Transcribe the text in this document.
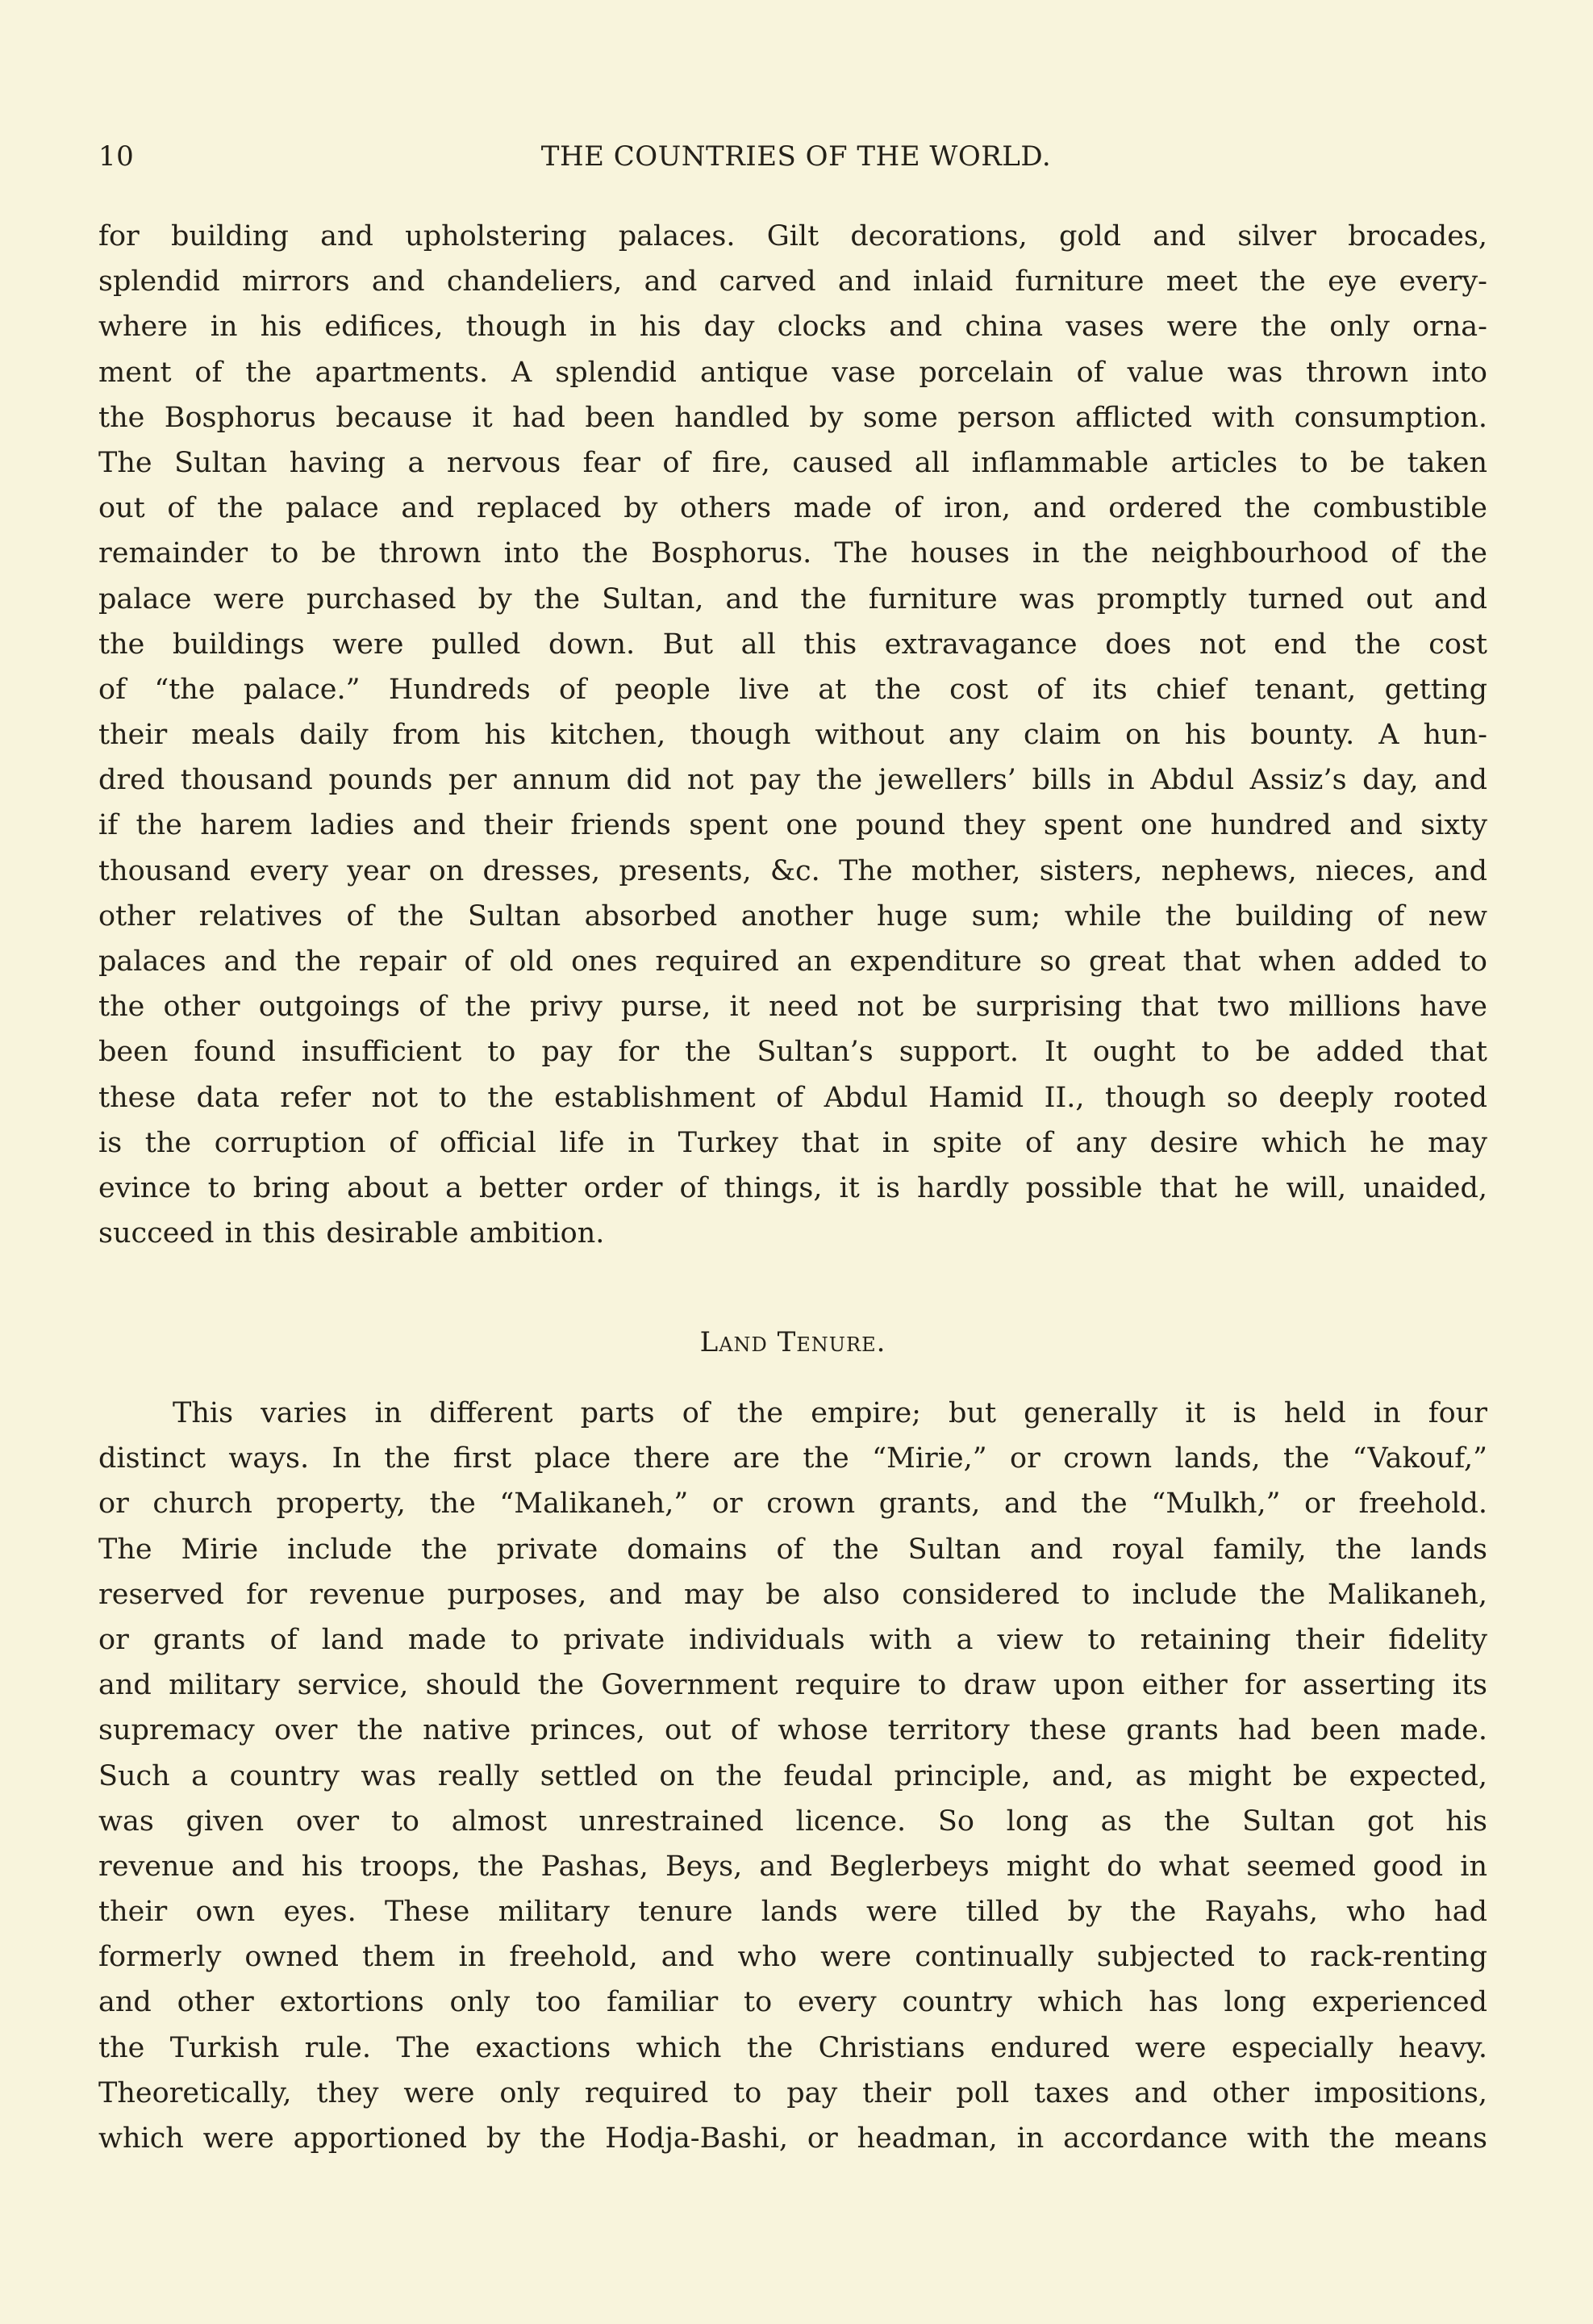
10	THE COUNTRIES OF THE WORLD.
for building and upholstering palaces. Gilt decorations, gold and silver brocades,
splendid mirrors and chandeliers, and carved and inlaid furniture meet the eye every-
where in his edifices, though in his day clocks and china vases were the only orna-
ment of the apartments. A splendid antique vase porcelain of value was thrown into
the Bosphorus because it had been handled by some person afflicted with consumption.
The Sultan having a nervous fear of fire, caused all inflammable articles to be taken
out of the palace and replaced by others made of iron, and ordered the combustible
remainder to be thrown into the Bosphorus. The houses in the neighbourhood of the
palace were purchased by the Sultan, and the furniture was promptly turned out and
the buildings were pulled down. But all this extravagance does not end the cost
of “the palace.” Hundreds of people live at the cost of its chief tenant, getting
their meals daily from his kitchen, though without any claim on his bounty. A hun-
dred thousand pounds per annum did not pay the jewellers’ bills in Abdul Assiz’s day, and
if the harem ladies and their friends spent one pound they spent one hundred and sixty
thousand every year on dresses, presents, &c. The mother, sisters, nephews, nieces, and
other relatives of the Sultan absorbed another huge sum; while the building of new
palaces and the repair of old ones required an expenditure so great that when added to
the other outgoings of the privy purse, it need not be surprising that two millions have
been found insufficient to pay for the Sultan’s support. It ought to be added that
these data refer not to the establishment of Abdul Hamid II., though so deeply rooted
is the corruption of official life in Turkey that in spite of any desire which he may
evince to bring about a better order of things, it is hardly possible that he will, unaided,
succeed in this desirable ambition.
Land Tenure.
This varies in different parts of the empire; but generally it is held in four
distinct ways. In the first place there are the “Mirie,” or crown lands, the “Vakouf,”
or church property, the “Malikaneh,” or crown grants, and the “Mulkh,” or freehold.
The Mirie include the private domains of the Sultan and royal family, the lands
reserved for revenue purposes, and may be also considered to include the Malikaneh,
or grants of land made to private individuals with a view to retaining their fidelity
and military service, should the Government require to draw upon either for asserting its
supremacy over the native princes, out of whose territory these grants had been made.
Such a country was really settled on the feudal principle, and, as might be expected,
was given over to almost unrestrained licence. So long as the Sultan got his
revenue and his troops, the Pashas, Beys, and Beglerbeys might do what seemed good in
their own eyes. These military tenure lands were tilled by the Rayahs, who had
formerly owned them in freehold, and who were continually subjected to rack-renting
and other extortions only too familiar to every country which has long experienced
the Turkish rule. The exactions which the Christians endured were especially heavy.
Theoretically, they were only required to pay their poll taxes and other impositions,
which were apportioned by the Hodja-Bashi, or headman, in accordance with the means
